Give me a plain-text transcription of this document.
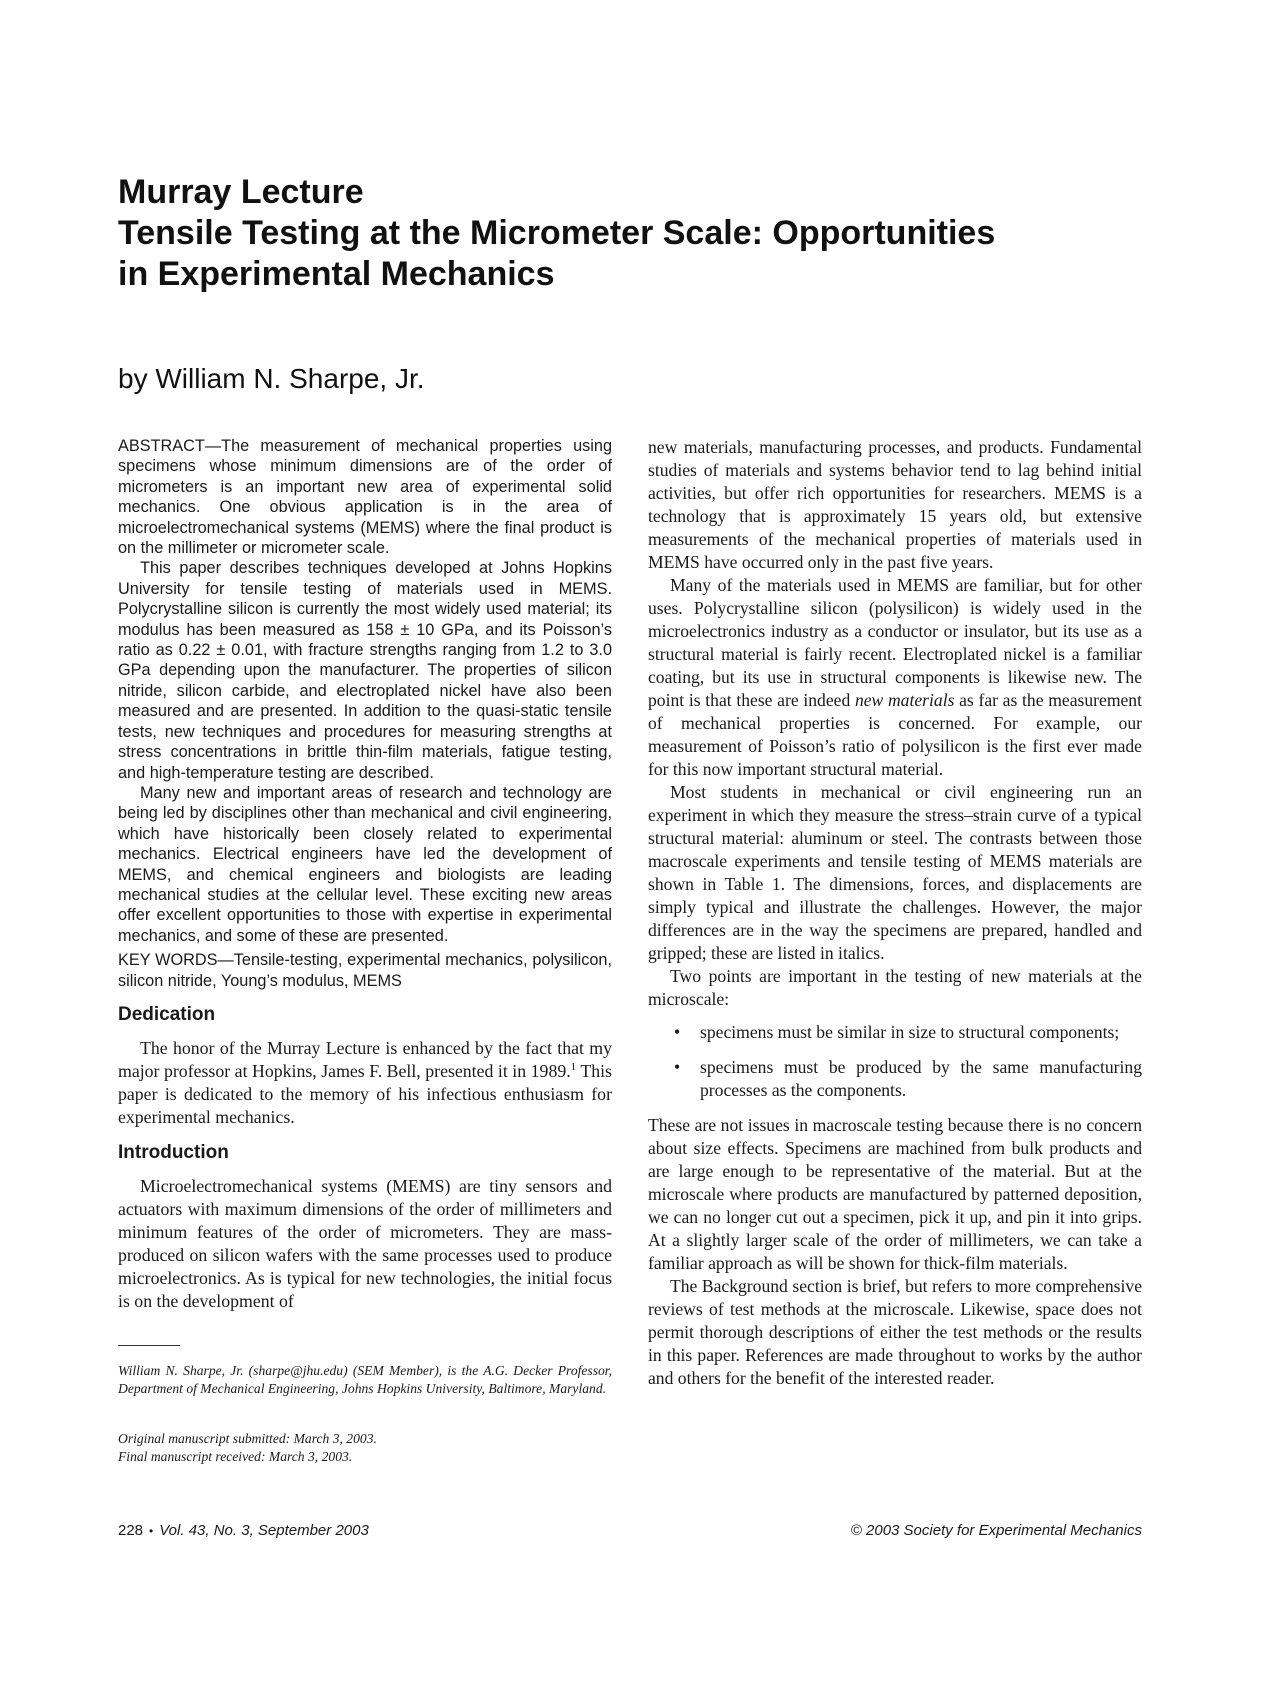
Murray Lecture

Tensile Testing at the Micrometer Scale: Opportunities

in Experimental Mechanics

by William N. Sharpe, Jr.

ABSTRACT—The measurement of mechanical properties using specimens whose minimum dimensions are of the order of micrometers is an important new area of experimental solid mechanics. One obvious application is in the area of microelectromechanical systems (MEMS) where the final product is on the millimeter or micrometer scale.

This paper describes techniques developed at Johns Hopkins University for tensile testing of materials used in MEMS. Polycrystalline silicon is currently the most widely used material; its modulus has been measured as 158 ± 10 GPa, and its Poisson’s ratio as 0.22 ± 0.01, with fracture strengths ranging from 1.2 to 3.0 GPa depending upon the manufacturer. The properties of silicon nitride, silicon carbide, and electroplated nickel have also been measured and are presented. In addition to the quasi-static tensile tests, new techniques and procedures for measuring strengths at stress concentrations in brittle thin-film materials, fatigue testing, and high-temperature testing are described.

Many new and important areas of research and technology are being led by disciplines other than mechanical and civil engineering, which have historically been closely related to experimental mechanics. Electrical engineers have led the development of MEMS, and chemical engineers and biologists are leading mechanical studies at the cellular level. These exciting new areas offer excellent opportunities to those with expertise in experimental mechanics, and some of these are presented.

KEY WORDS—Tensile-testing, experimental mechanics, polysilicon, silicon nitride, Young’s modulus, MEMS

Dedication

The honor of the Murray Lecture is enhanced by the fact that my major professor at Hopkins, James F. Bell, presented it in 1989.$^1$ This paper is dedicated to the memory of his infectious enthusiasm for experimental mechanics.

Introduction

Microelectromechanical systems (MEMS) are tiny sensors and actuators with maximum dimensions of the order of millimeters and minimum features of the order of micrometers. They are mass-produced on silicon wafers with the same processes used to produce microelectronics. As is typical for new technologies, the initial focus is on the development of

new materials, manufacturing processes, and products. Fundamental studies of materials and systems behavior tend to lag behind initial activities, but offer rich opportunities for researchers. MEMS is a technology that is approximately 15 years old, but extensive measurements of the mechanical properties of materials used in MEMS have occurred only in the past five years.

Many of the materials used in MEMS are familiar, but for other uses. Polycrystalline silicon (polysilicon) is widely used in the microelectronics industry as a conductor or insulator, but its use as a structural material is fairly recent. Electroplated nickel is a familiar coating, but its use in structural components is likewise new. The point is that these are indeed new materials as far as the measurement of mechanical properties is concerned. For example, our measurement of Poisson’s ratio of polysilicon is the first ever made for this now important structural material.

Most students in mechanical or civil engineering run an experiment in which they measure the stress–strain curve of a typical structural material: aluminum or steel. The contrasts between those macroscale experiments and tensile testing of MEMS materials are shown in Table 1. The dimensions, forces, and displacements are simply typical and illustrate the challenges. However, the major differences are in the way the specimens are prepared, handled and gripped; these are listed in italics.

Two points are important in the testing of new materials at the microscale:

• specimens must be similar in size to structural components;
• specimens must be produced by the same manufacturing processes as the components.

These are not issues in macroscale testing because there is no concern about size effects. Specimens are machined from bulk products and are large enough to be representative of the material. But at the microscale where products are manufactured by patterned deposition, we can no longer cut out a specimen, pick it up, and pin it into grips. At a slightly larger scale of the order of millimeters, we can take a familiar approach as will be shown for thick-film materials.

The Background section is brief, but refers to more comprehensive reviews of test methods at the microscale. Likewise, space does not permit thorough descriptions of either the test methods or the results in this paper. References are made throughout to works by the author and others for the benefit of the interested reader.

William N. Sharpe, Jr. (sharpe@jhu.edu) (SEM Member), is the A.G. Decker Professor, Department of Mechanical Engineering, Johns Hopkins University, Baltimore, Maryland.

Original manuscript submitted: March 3, 2003.
Final manuscript received: March 3, 2003.
228 • Vol. 43, No. 3, September 2003	© 2003 Society for Experimental Mechanics
